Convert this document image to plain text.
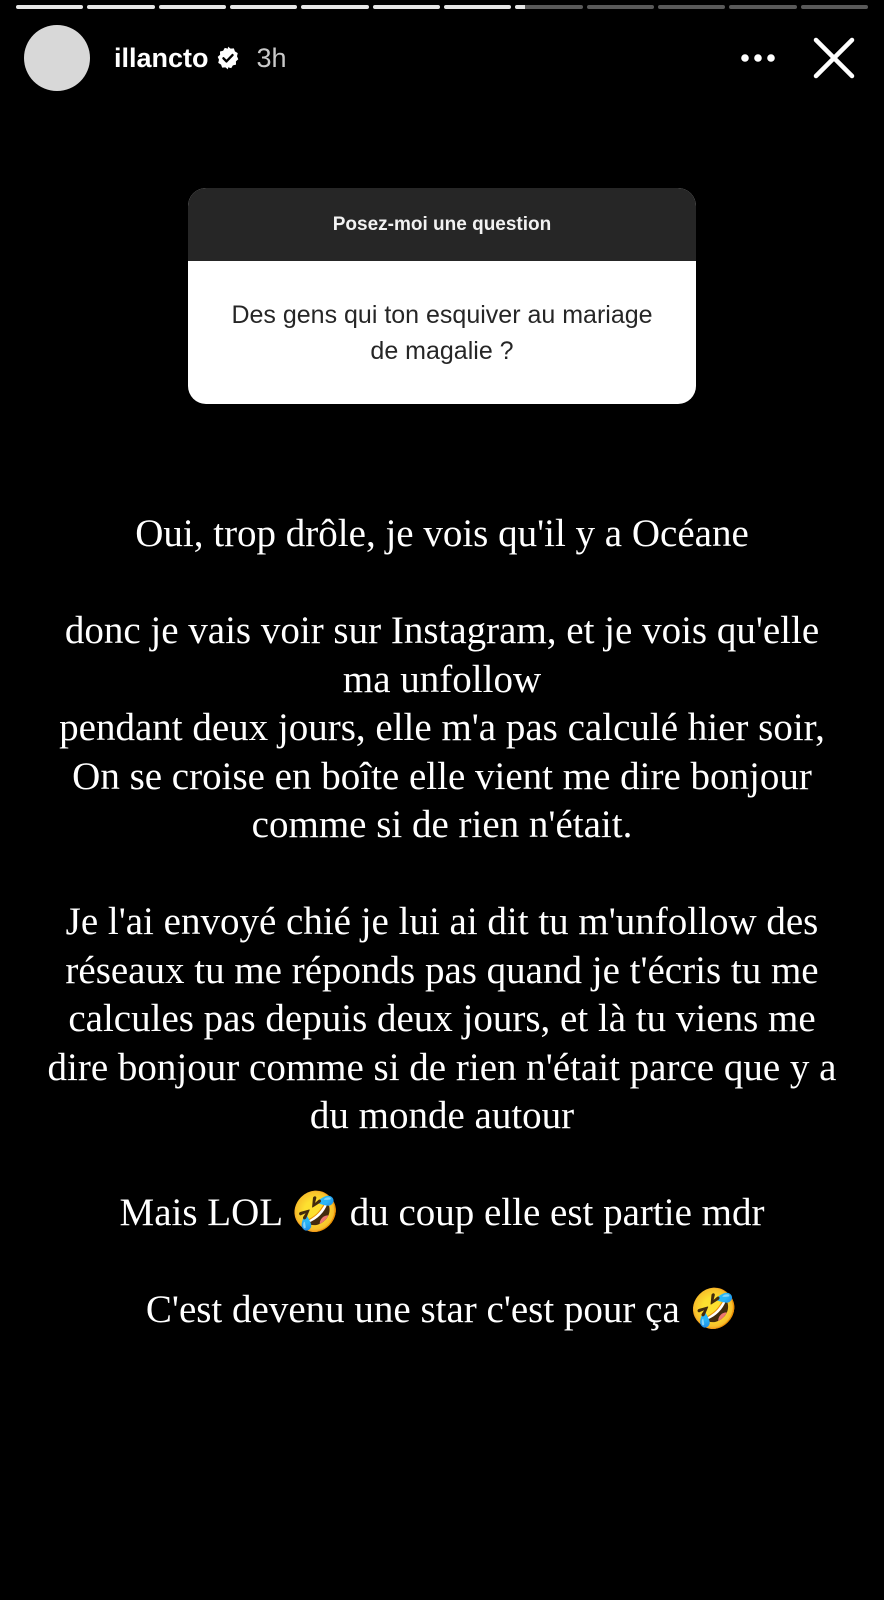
illancto 3h
Posez-moi une question
Des gens qui ton esquiver au mariage de magalie ?

Oui, trop drôle, je vois qu'il y a Océane

donc je vais voir sur Instagram, et je vois qu'elle ma unfollow

pendant deux jours, elle m'a pas calculé hier soir, On se croise en boîte elle vient me dire bonjour comme si de rien n'était.

Je l'ai envoyé chié je lui ai dit tu m'unfollow des réseaux tu me réponds pas quand je t'écris tu me calcules pas depuis deux jours, et là tu viens me dire bonjour comme si de rien n'était parce que y a du monde autour

Mais LOL 🤣 du coup elle est partie mdr

C'est devenu une star c'est pour ça 🤣
